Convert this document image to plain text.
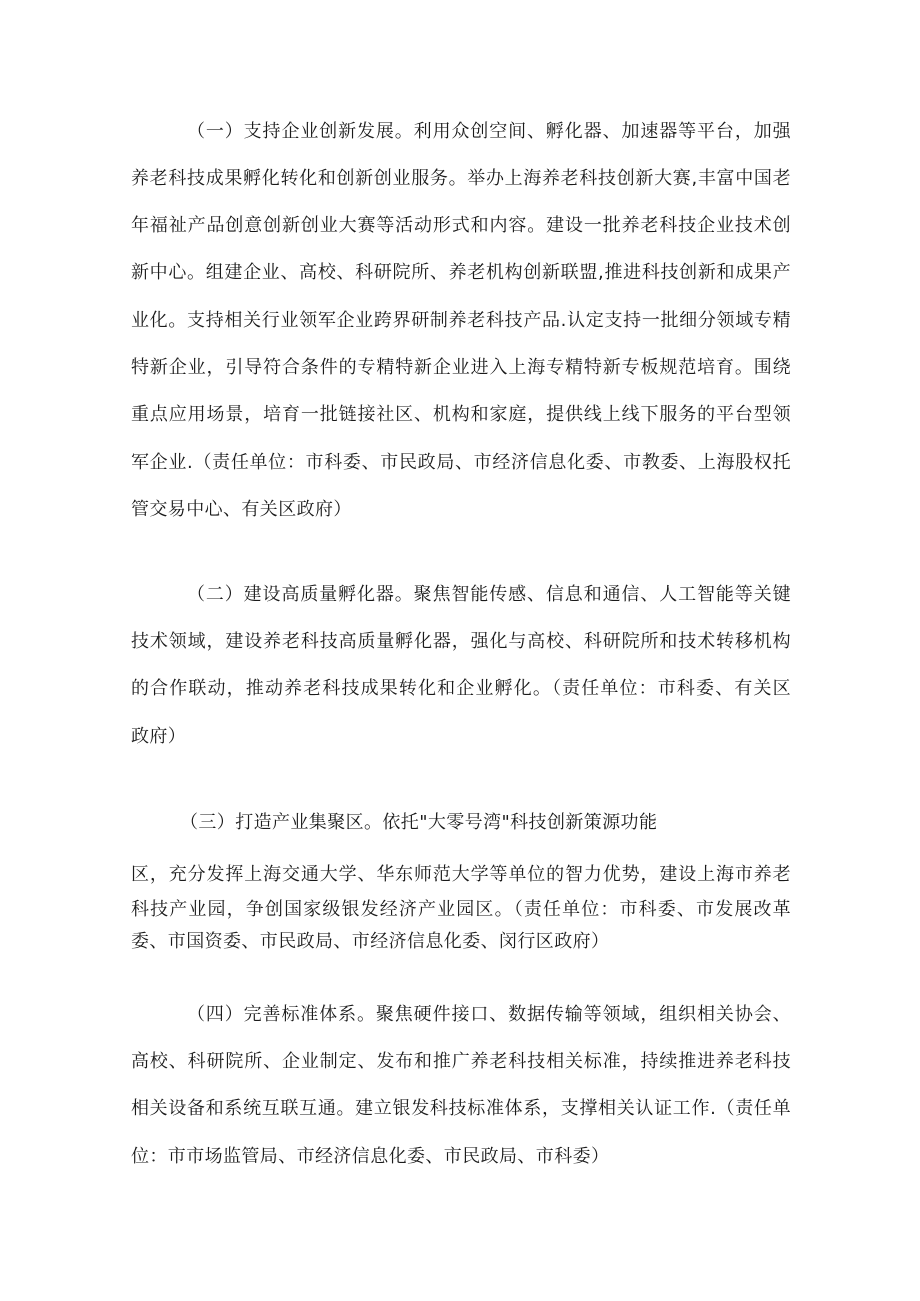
（一）支持企业创新发展。利用众创空间、孵化器、加速器等平台，加强
养老科技成果孵化转化和创新创业服务。举办上海养老科技创新大赛,丰富中国老
年福祉产品创意创新创业大赛等活动形式和内容。建设一批养老科技企业技术创
新中心。组建企业、高校、科研院所、养老机构创新联盟,推进科技创新和成果产
业化。支持相关行业领军企业跨界研制养老科技产品.认定支持一批细分领域专精
特新企业，引导符合条件的专精特新企业进入上海专精特新专板规范培育。围绕
重点应用场景，培育一批链接社区、机构和家庭，提供线上线下服务的平台型领
军企业.（责任单位：市科委、市民政局、市经济信息化委、市教委、上海股权托
管交易中心、有关区政府）
（二）建设高质量孵化器。聚焦智能传感、信息和通信、人工智能等关键
技术领域，建设养老科技高质量孵化器，强化与高校、科研院所和技术转移机构
的合作联动，推动养老科技成果转化和企业孵化。（责任单位：市科委、有关区
政府）
（三）打造产业集聚区。依托"大零号湾"科技创新策源功能
区，充分发挥上海交通大学、华东师范大学等单位的智力优势，建设上海市养老
科技产业园，争创国家级银发经济产业园区。（责任单位：市科委、市发展改革
委、市国资委、市民政局、市经济信息化委、闵行区政府）
（四）完善标准体系。聚焦硬件接口、数据传输等领域，组织相关协会、
高校、科研院所、企业制定、发布和推广养老科技相关标准，持续推进养老科技
相关设备和系统互联互通。建立银发科技标准体系，支撑相关认证工作.（责任单
位：市市场监管局、市经济信息化委、市民政局、市科委）
